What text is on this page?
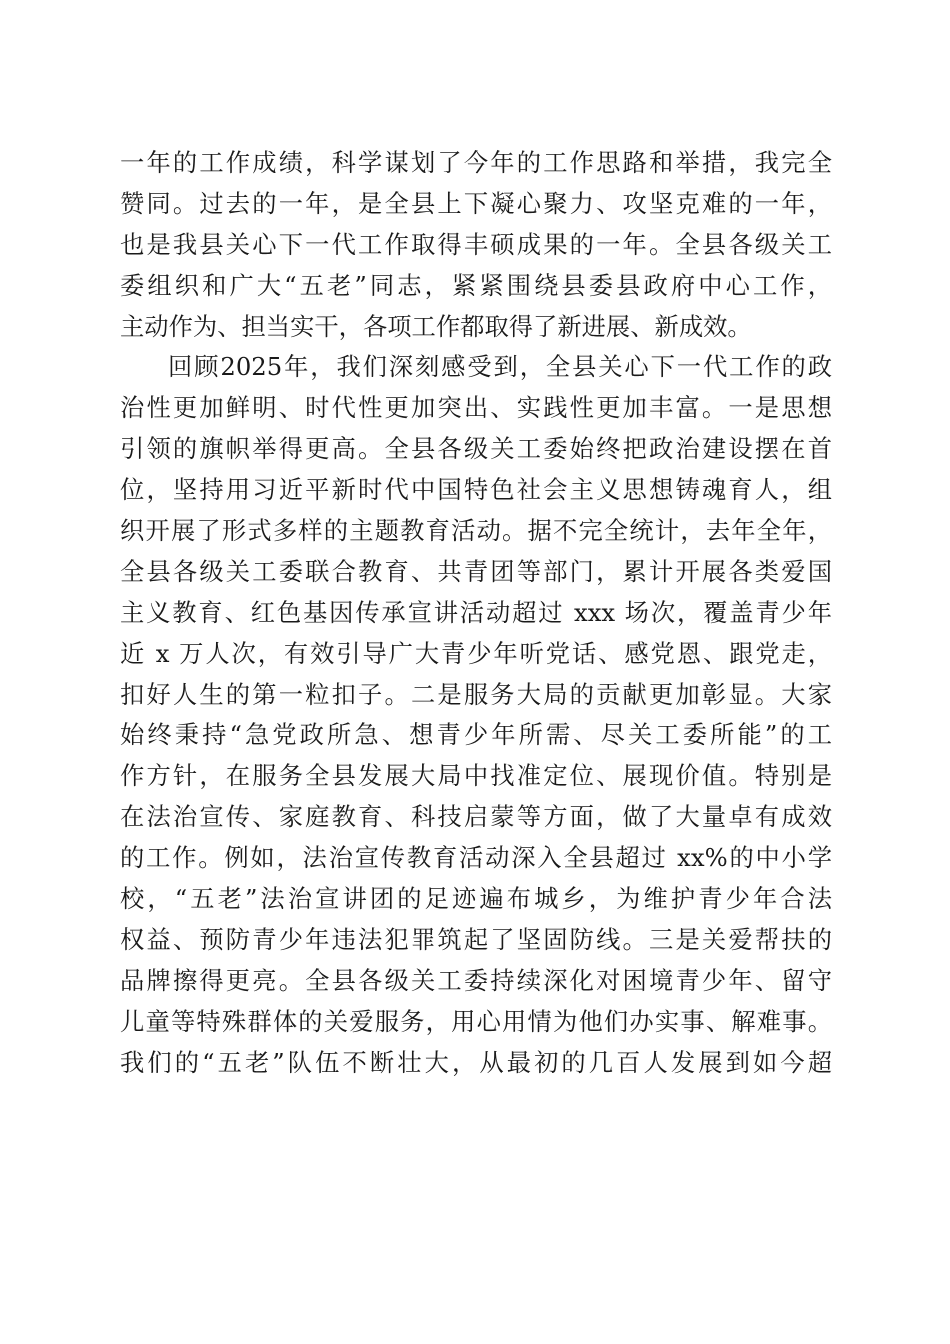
一年的工作成绩，科学谋划了今年的工作思路和举措，我完全
赞同。过去的一年，是全县上下凝心聚力、攻坚克难的一年，
也是我县关心下一代工作取得丰硕成果的一年。全县各级关工
委组织和广大“五老”同志，紧紧围绕县委县政府中心工作，
主动作为、担当实干，各项工作都取得了新进展、新成效。
回顾2025年，我们深刻感受到，全县关心下一代工作的政
治性更加鲜明、时代性更加突出、实践性更加丰富。一是思想
引领的旗帜举得更高。全县各级关工委始终把政治建设摆在首
位，坚持用习近平新时代中国特色社会主义思想铸魂育人，组
织开展了形式多样的主题教育活动。据不完全统计，去年全年，
全县各级关工委联合教育、共青团等部门，累计开展各类爱国
主义教育、红色基因传承宣讲活动超过 xxx 场次，覆盖青少年
近 x 万人次，有效引导广大青少年听党话、感党恩、跟党走，
扣好人生的第一粒扣子。二是服务大局的贡献更加彰显。大家
始终秉持“急党政所急、想青少年所需、尽关工委所能”的工
作方针，在服务全县发展大局中找准定位、展现价值。特别是
在法治宣传、家庭教育、科技启蒙等方面，做了大量卓有成效
的工作。例如，法治宣传教育活动深入全县超过 xx%的中小学
校，“五老”法治宣讲团的足迹遍布城乡，为维护青少年合法
权益、预防青少年违法犯罪筑起了坚固防线。三是关爱帮扶的
品牌擦得更亮。全县各级关工委持续深化对困境青少年、留守
儿童等特殊群体的关爱服务，用心用情为他们办实事、解难事。
我们的“五老”队伍不断壮大，从最初的几百人发展到如今超
